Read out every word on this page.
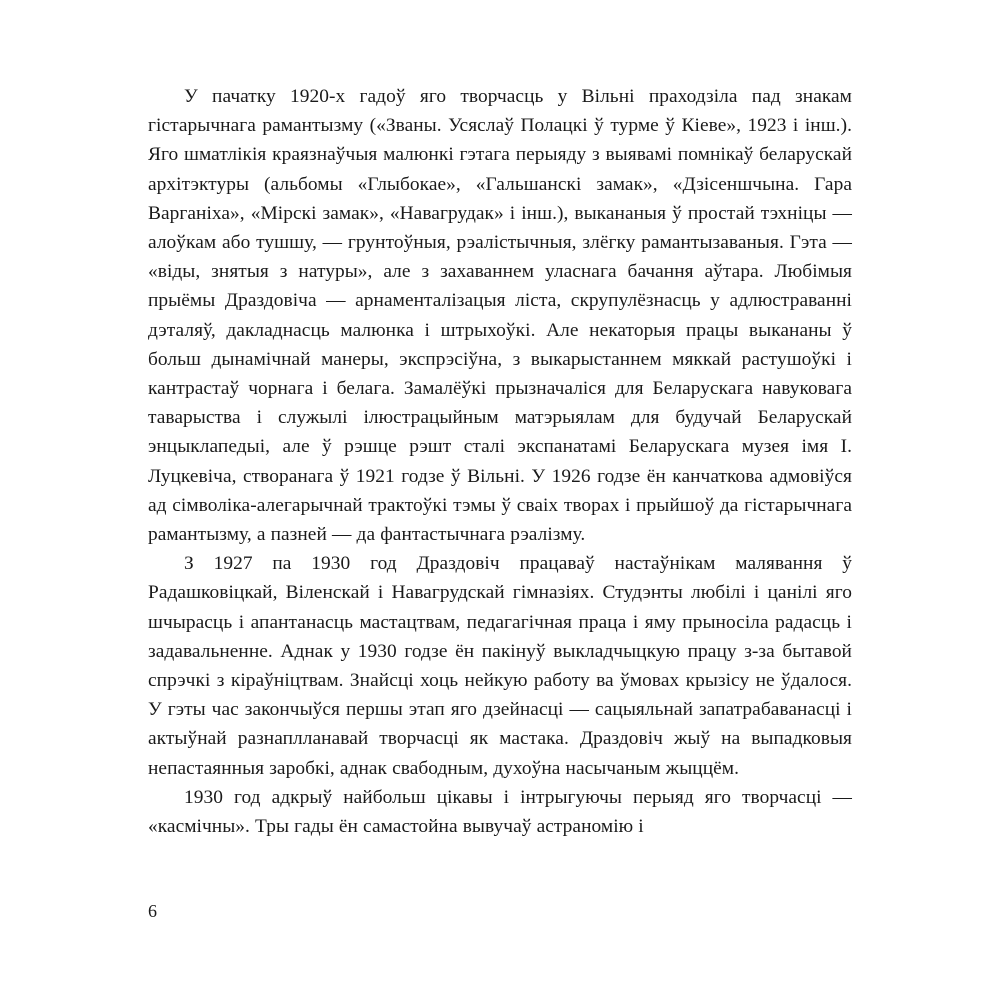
У пачатку 1920-х гадоў яго творчасць у Вільні праходзіла пад знакам гістарычнага рамантызму («Званы. Усяслаў Полацкі ў турме ў Кіеве», 1923 і інш.). Яго шматлікія краязнаўчыя малюнкі гэтага перыяду з выявамі помнікаў беларускай архітэктуры (альбомы «Глыбокае», «Гальшанскі замак», «Дзісеншчына. Гара Варганіха», «Мірскі замак», «Навагрудак» і інш.), выкананыя ў простай тэхніцы — алоўкам або тушшу, — грунтоўныя, рэалістычныя, злёгку рамантызаваныя. Гэта — «віды, знятыя з натуры», але з захаваннем уласнага бачання аўтара. Любімыя прыёмы Драздовіча — арнаменталізацыя ліста, скрупулёзнасць у адлюстраванні дэталяў, дакладнасць малюнка і штрыхоўкі. Але некаторыя працы выкананы ў больш дынамічнай манеры, экспрэсіўна, з выкарыстаннем мяккай растушоўкі і кантрастаў чорнага і белага. Замалёўкі прызначаліся для Беларускага навуковага таварыства і служылі ілюстрацыйным матэрыялам для будучай Беларускай энцыклапедыі, але ў рэшце рэшт сталі экспанатамі Беларускага музея імя І. Луцкевіча, створанага ў 1921 годзе ў Вільні. У 1926 годзе ён канчаткова адмовіўся ад сімволіка-алегарычнай трактоўкі тэмы ў сваіх творах і прыйшоў да гістарычнага рамантызму, а пазней — да фантастычнага рэалізму.

З 1927 па 1930 год Драздовіч працаваў настаўнікам малявання ў Радашковіцкай, Віленскай і Навагрудскай гімназіях. Студэнты любілі і цанілі яго шчырасць і апантанасць мастацтвам, педагагічная праца і яму прыносіла радасць і задавальненне. Аднак у 1930 годзе ён пакінуў выкладчыцкую працу з-за бытавой спрэчкі з кіраўніцтвам. Знайсці хоць нейкую работу ва ўмовах крызісу не ўдалося. У гэты час закончыўся першы этап яго дзейнасці — сацыяльнай запатрабаванасці і актыўнай разнаплланавай творчасці як мастака. Драздовіч жыў на выпадковыя непастаянныя заробкі, аднак свабодным, духоўна насычаным жыццём.

1930 год адкрыў найбольш цікавы і інтрыгуючы перыяд яго творчасці — «касмічны». Тры гады ён самастойна вывучаў астраномію і

6
